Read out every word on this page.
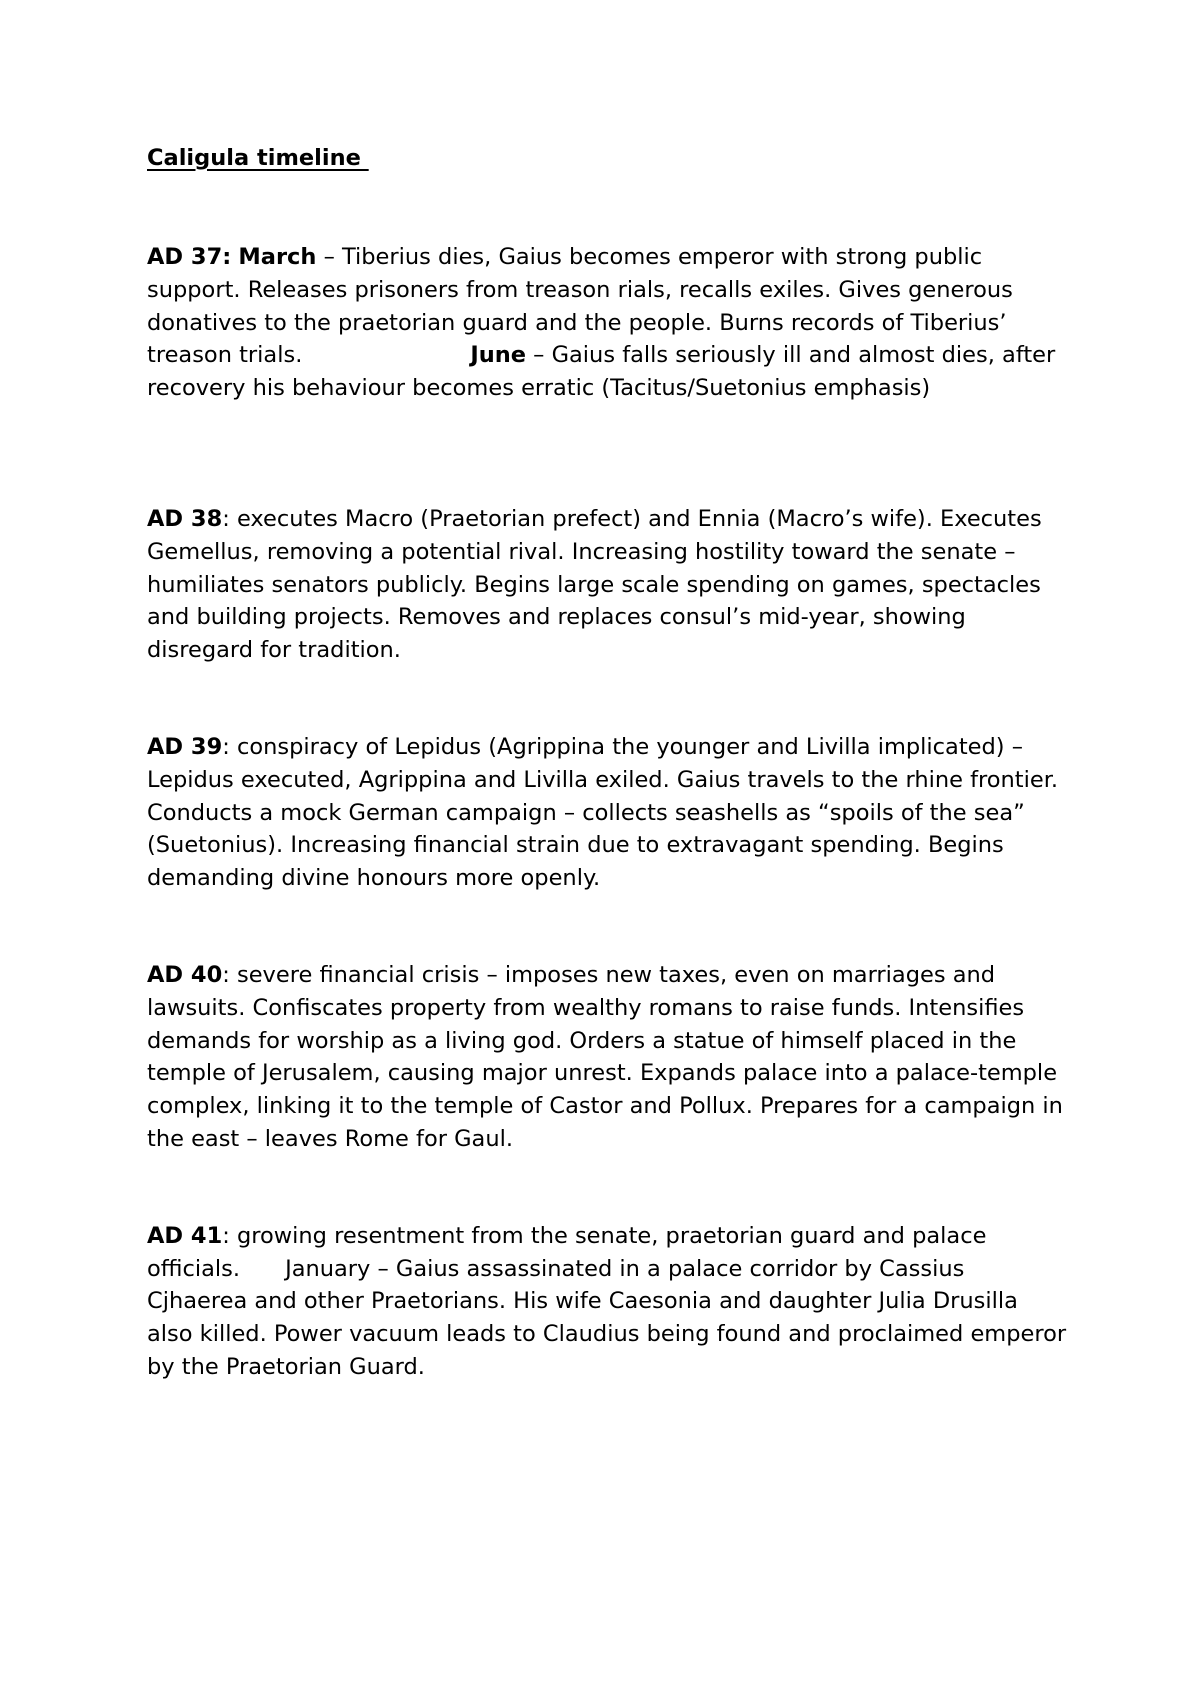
Caligula timeline

AD 37: March – Tiberius dies, Gaius becomes emperor with strong public support. Releases prisoners from treason rials, recalls exiles. Gives generous donatives to the praetorian guard and the people. Burns records of Tiberius’ treason trials.	June – Gaius falls seriously ill and almost dies, after recovery his behaviour becomes erratic (Tacitus/Suetonius emphasis)

AD 38: executes Macro (Praetorian prefect) and Ennia (Macro’s wife). Executes Gemellus, removing a potential rival. Increasing hostility toward the senate – humiliates senators publicly. Begins large scale spending on games, spectacles and building projects. Removes and replaces consul’s mid-year, showing disregard for tradition.

AD 39: conspiracy of Lepidus (Agrippina the younger and Livilla implicated) – Lepidus executed, Agrippina and Livilla exiled. Gaius travels to the rhine frontier. Conducts a mock German campaign – collects seashells as “spoils of the sea” (Suetonius). Increasing financial strain due to extravagant spending. Begins demanding divine honours more openly.

AD 40: severe financial crisis – imposes new taxes, even on marriages and lawsuits. Confiscates property from wealthy romans to raise funds. Intensifies demands for worship as a living god. Orders a statue of himself placed in the temple of Jerusalem, causing major unrest. Expands palace into a palace-temple complex, linking it to the temple of Castor and Pollux. Prepares for a campaign in the east – leaves Rome for Gaul.

AD 41: growing resentment from the senate, praetorian guard and palace officials. January – Gaius assassinated in a palace corridor by Cassius Cjhaerea and other Praetorians. His wife Caesonia and daughter Julia Drusilla also killed. Power vacuum leads to Claudius being found and proclaimed emperor by the Praetorian Guard.
